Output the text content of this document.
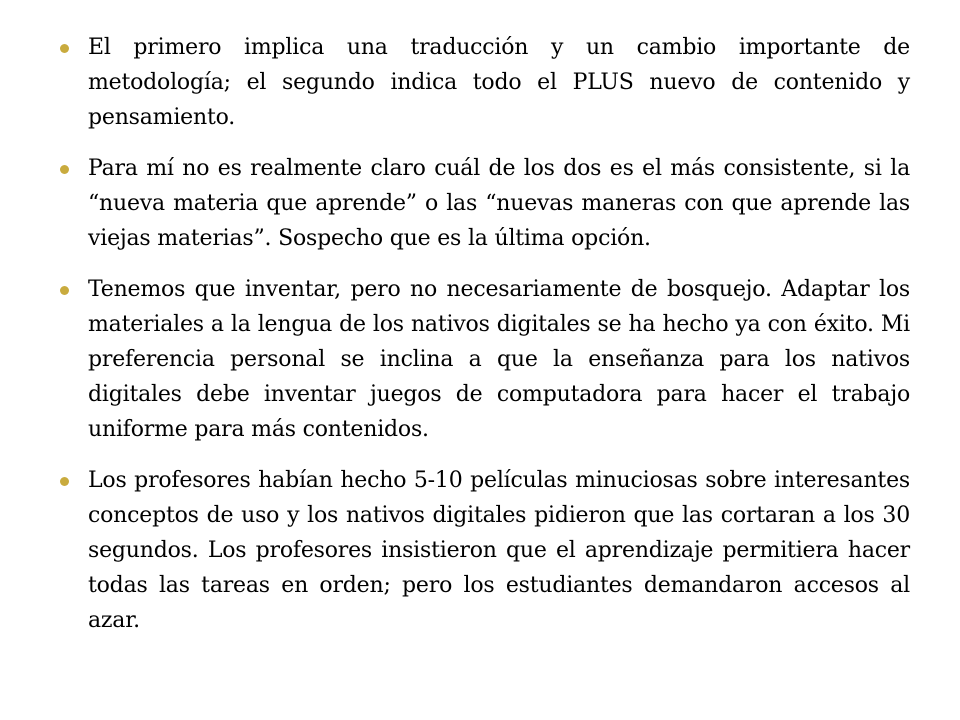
El primero implica una traducción y un cambio importante de metodología; el segundo indica todo el PLUS nuevo de contenido y pensamiento.
Para mí no es realmente claro cuál de los dos es el más consistente, si la “nueva materia que aprende” o las “nuevas maneras con que aprende las viejas materias”. Sospecho que es la última opción.
Tenemos que inventar, pero no necesariamente de bosquejo. Adaptar los materiales a la lengua de los nativos digitales se ha hecho ya con éxito. Mi preferencia personal se inclina a que la enseñanza para los nativos digitales debe inventar juegos de computadora para hacer el trabajo uniforme para más contenidos.
Los profesores habían hecho 5-10 películas minuciosas sobre interesantes conceptos de uso y los nativos digitales pidieron que las cortaran a los 30 segundos. Los profesores insistieron que el aprendizaje permitiera hacer todas las tareas en orden; pero los estudiantes demandaron accesos al azar.
